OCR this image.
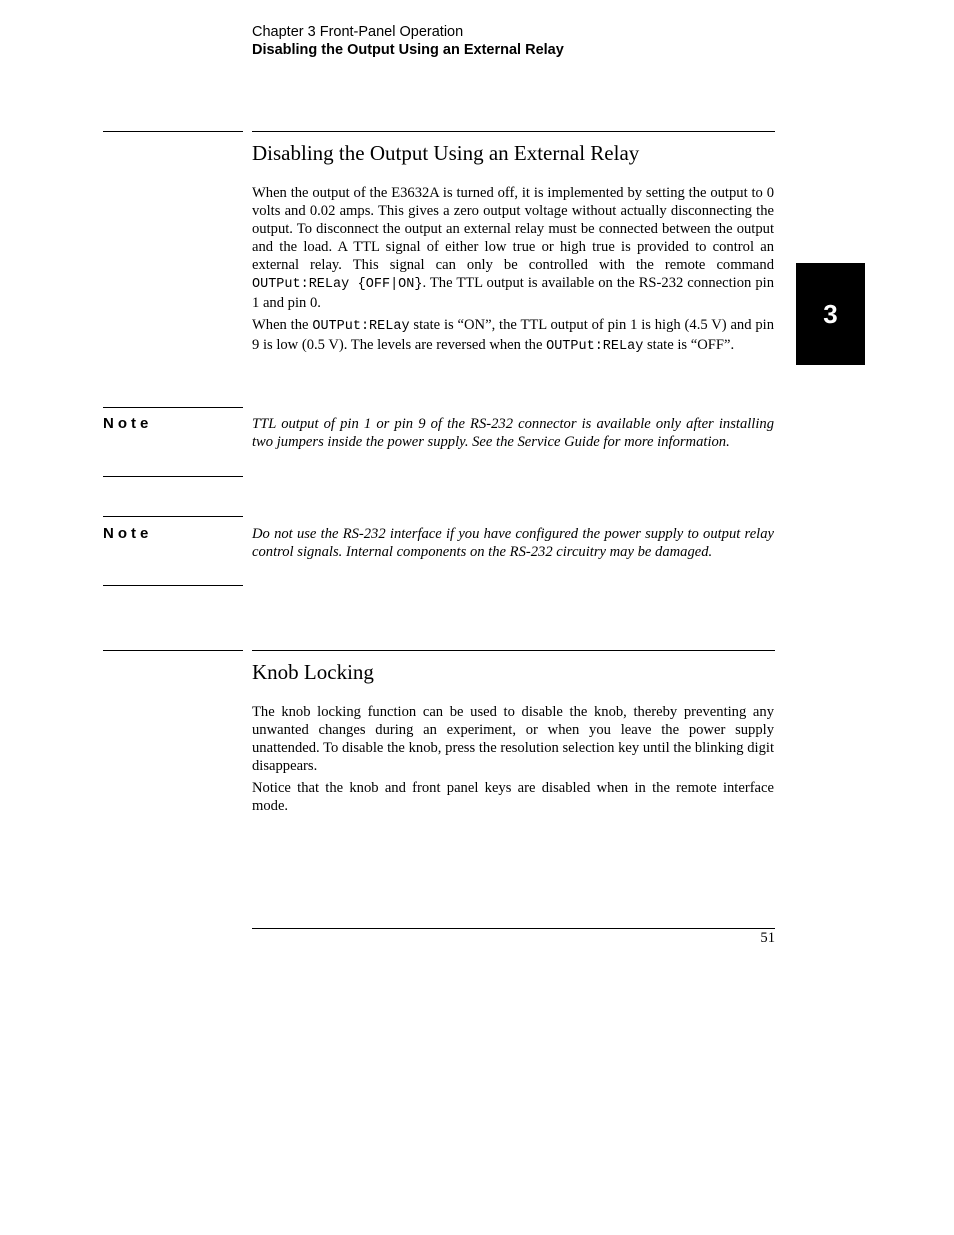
Chapter 3 Front-Panel Operation
Disabling the Output Using an External Relay
3
Disabling the Output Using an External Relay

When the output of the E3632A is turned off, it is implemented by setting the output to 0 volts and 0.02 amps. This gives a zero output voltage without actually disconnecting the output. To disconnect the output an external relay must be connected between the output and the load. A TTL signal of either low true or high true is provided to control an external relay. This signal can only be controlled with the remote command OUTPut:RELay {OFF|ON}. The TTL output is available on the RS-232 connection pin 1 and pin 0.

When the OUTPut:RELay state is “ON”, the TTL output of pin 1 is high (4.5 V) and pin 9 is low (0.5 V). The levels are reversed when the OUTPut:RELay state is “OFF”.

Note	TTL output of pin 1 or pin 9 of the RS-232 connector is available only after installing two jumpers inside the power supply. See the Service Guide for more information.
Note	Do not use the RS-232 interface if you have configured the power supply to output relay control signals. Internal components on the RS-232 circuitry may be damaged.
Knob Locking

The knob locking function can be used to disable the knob, thereby preventing any unwanted changes during an experiment, or when you leave the power supply unattended. To disable the knob, press the resolution selection key until the blinking digit disappears.

Notice that the knob and front panel keys are disabled when in the remote interface mode.

51
